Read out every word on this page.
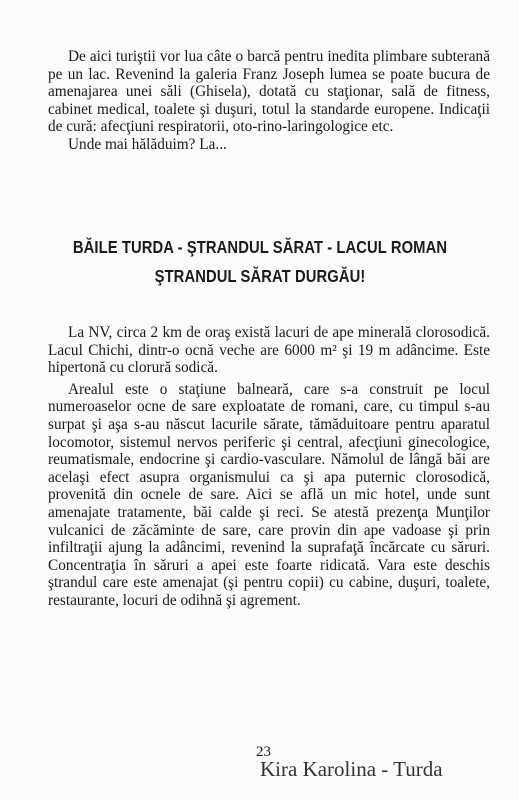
De aici turiştii vor lua câte o barcă pentru inedita plimbare subterană pe un lac. Revenind la galeria Franz Joseph lumea se poate bucura de amenajarea unei săli (Ghisela), dotată cu staţionar, sală de fitness, cabinet medical, toalete şi duşuri, totul la standarde europene. Indicaţii de cură: afecţiuni respiratorii, oto-rino-laringologice etc.

Unde mai hălăduim? La...

BĂILE TURDA - ŞTRANDUL SĂRAT - LACUL ROMAN
ŞTRANDUL SĂRAT DURGĂU!

La NV, circa 2 km de oraş există lacuri de ape minerală clorosodică. Lacul Chichi, dintr-o ocnă veche are 6000 m² şi 19 m adâncime. Este hipertonă cu clorură sodică.

Arealul este o staţiune balneară, care s-a construit pe locul numeroaselor ocne de sare exploatate de romani, care, cu timpul s-au surpat şi aşa s-au născut lacurile sărate, tămăduitoare pentru aparatul locomotor, sistemul nervos periferic şi central, afecţiuni ginecologice, reumatismale, endocrine şi cardio-vasculare. Nămolul de lângă băi are acelaşi efect asupra organismului ca şi apa puternic clorosodică, provenită din ocnele de sare. Aici se află un mic hotel, unde sunt amenajate tratamente, băi calde şi reci. Se atestă prezenţa Munţilor vulcanici de zăcăminte de sare, care provin din ape vadoase şi prin infiltraţii ajung la adâncimi, revenind la suprafaţă încărcate cu săruri. Concentraţia în săruri a apei este foarte ridicată. Vara este deschis ştrandul care este amenajat (şi pentru copii) cu cabine, duşuri, toalete, restaurante, locuri de odihnă şi agrement.

23
Kira Karolina - Turda
